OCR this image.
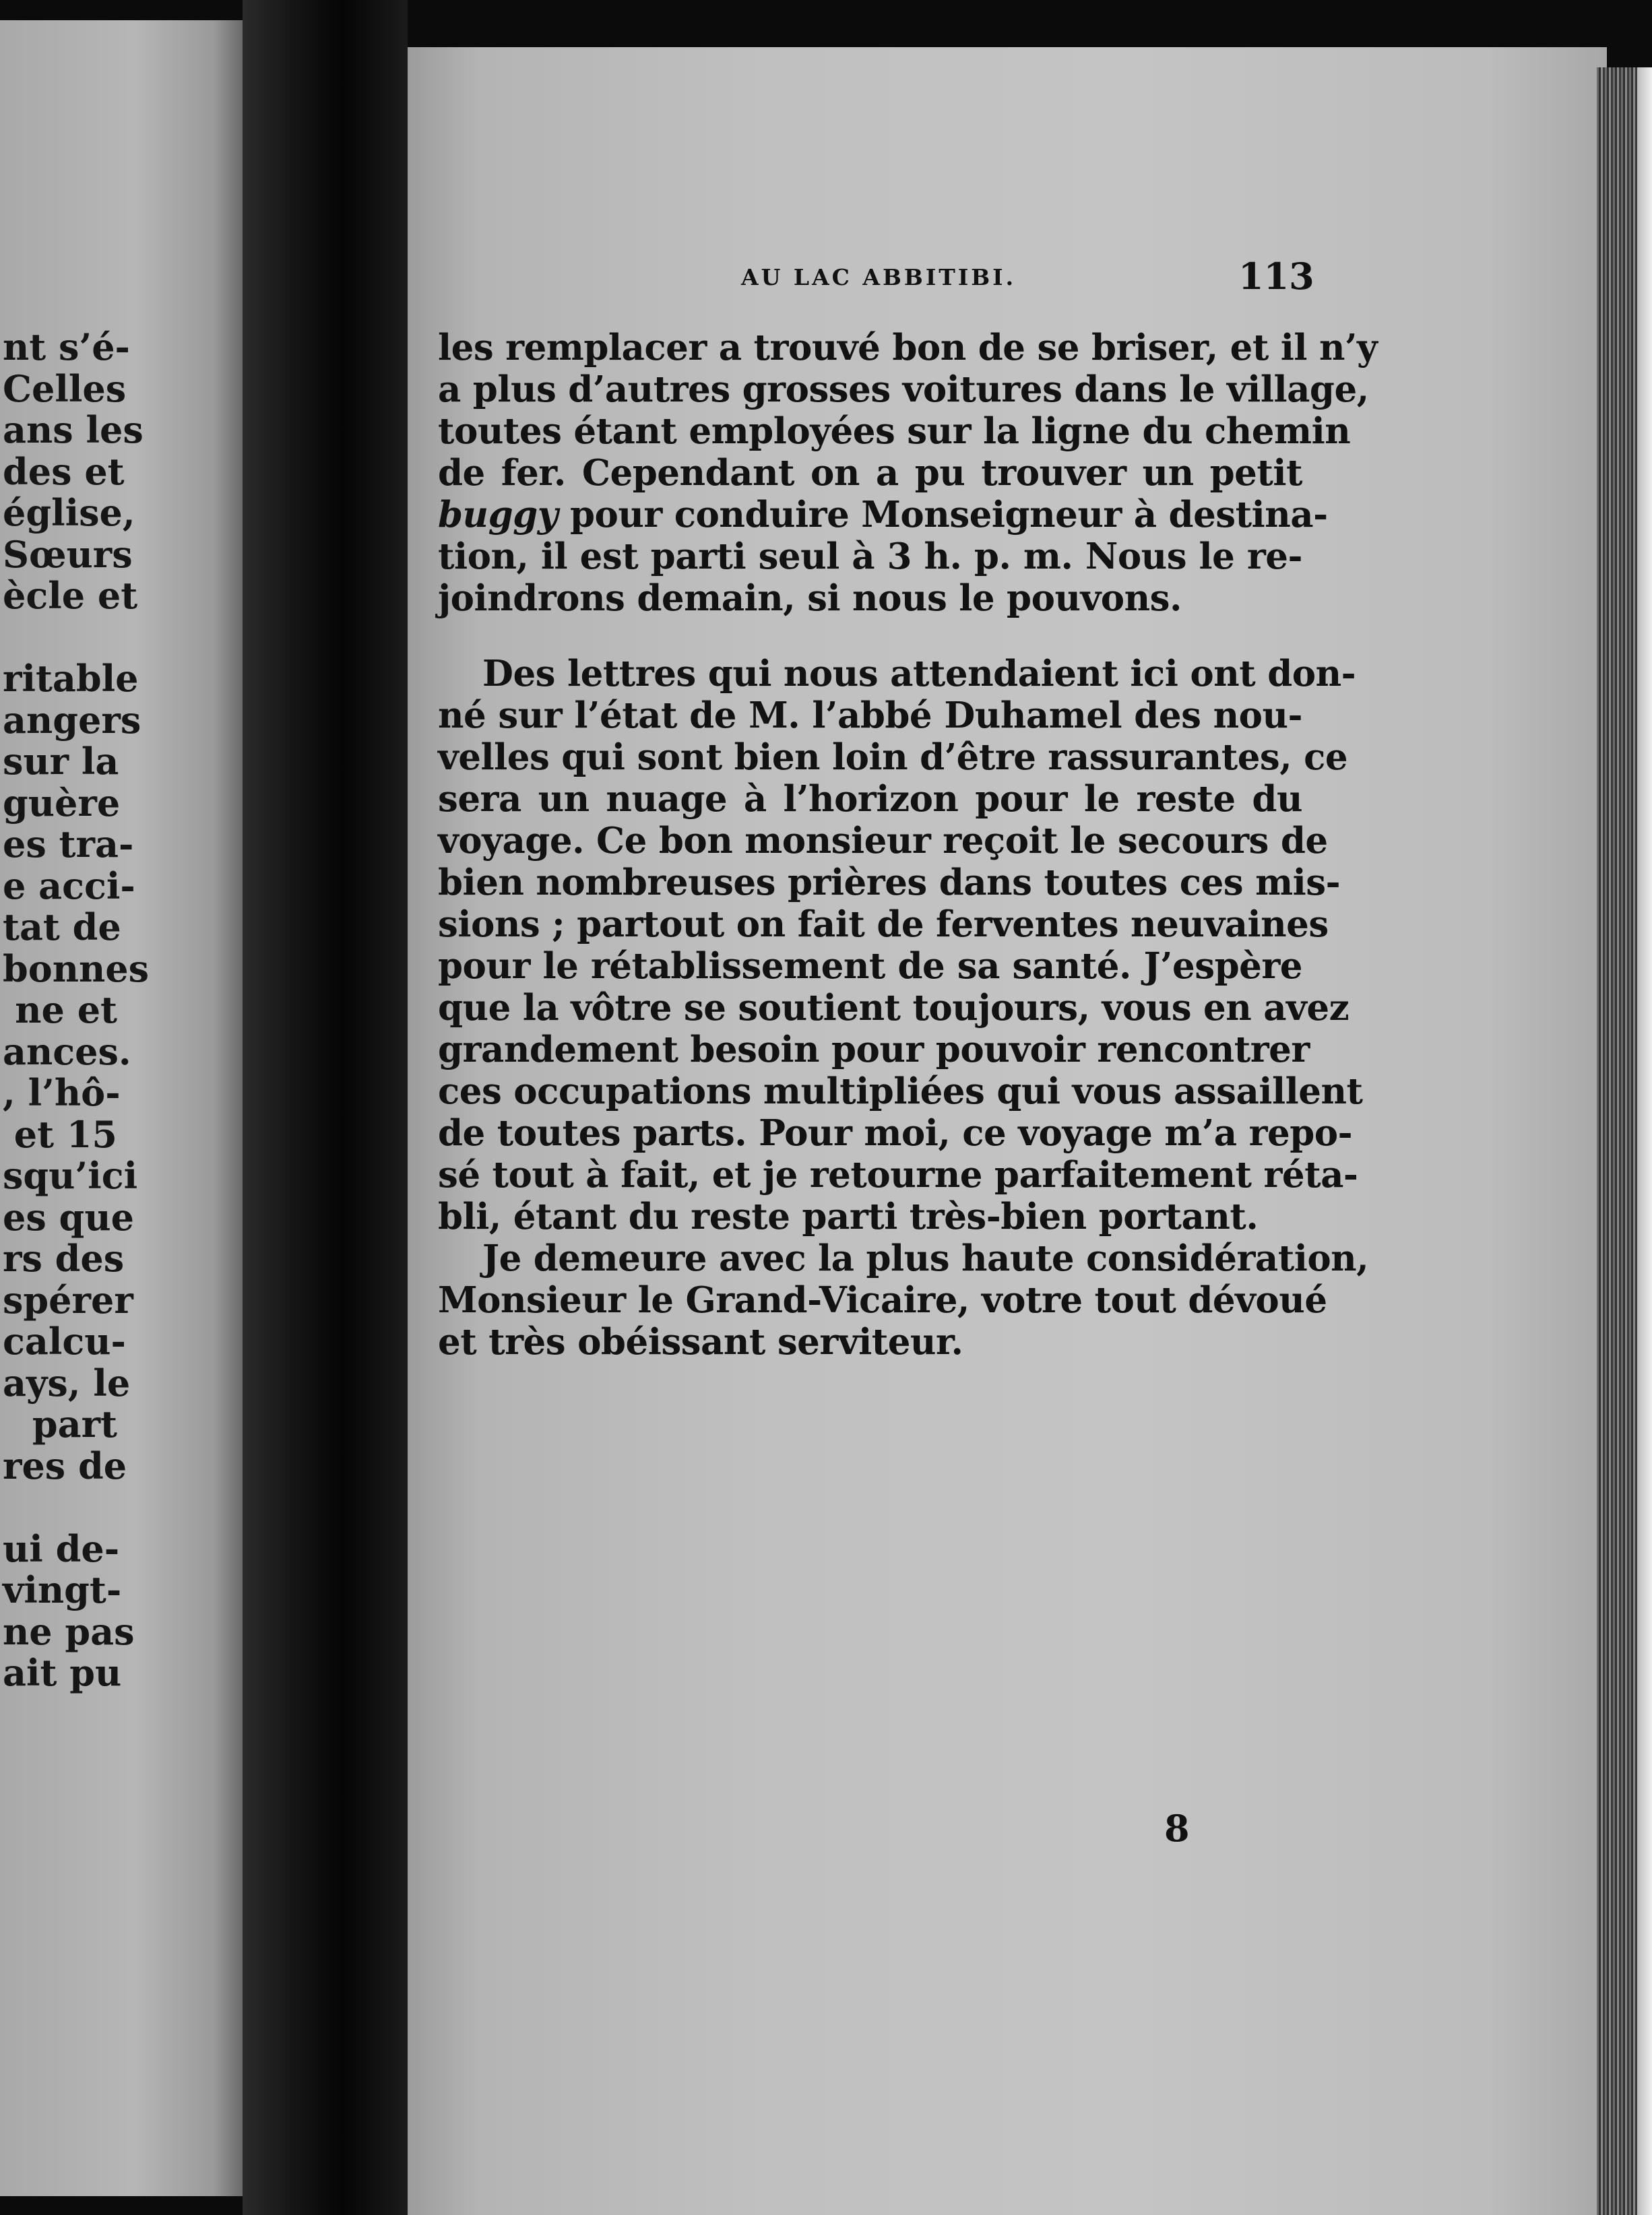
nt s’é-
Celles
ans les
des et
église,
Sœurs
ècle et
ritable
angers
sur la
guère
es tra-
e acci-
tat de
bonnes
ne et
ances.
, l’hô-
et 15
squ’ici
es que
rs des
spérer
calcu-
ays, le
part
res de
ui de-
vingt-
ne pas
ait pu
AU LAC ABBITIBI.	113
les remplacer a trouvé bon de se briser, et il n’y
a plus d’autres grosses voitures dans le village,
toutes étant employées sur la ligne du chemin
de fer. Cependant on a pu trouver un petit
buggy pour conduire Monseigneur à destina-
tion, il est parti seul à 3 h. p. m. Nous le re-
joindrons demain, si nous le pouvons.
Des lettres qui nous attendaient ici ont don-
né sur l’état de M. l’abbé Duhamel des nou-
velles qui sont bien loin d’être rassurantes, ce
sera un nuage à l’horizon pour le reste du
voyage. Ce bon monsieur reçoit le secours de
bien nombreuses prières dans toutes ces mis-
sions ; partout on fait de ferventes neuvaines
pour le rétablissement de sa santé. J’espère
que la vôtre se soutient toujours, vous en avez
grandement besoin pour pouvoir rencontrer
ces occupations multipliées qui vous assaillent
de toutes parts. Pour moi, ce voyage m’a repo-
sé tout à fait, et je retourne parfaitement réta-
bli, étant du reste parti très-bien portant.
Je demeure avec la plus haute considération,
Monsieur le Grand-Vicaire, votre tout dévoué
et très obéissant serviteur.
8
